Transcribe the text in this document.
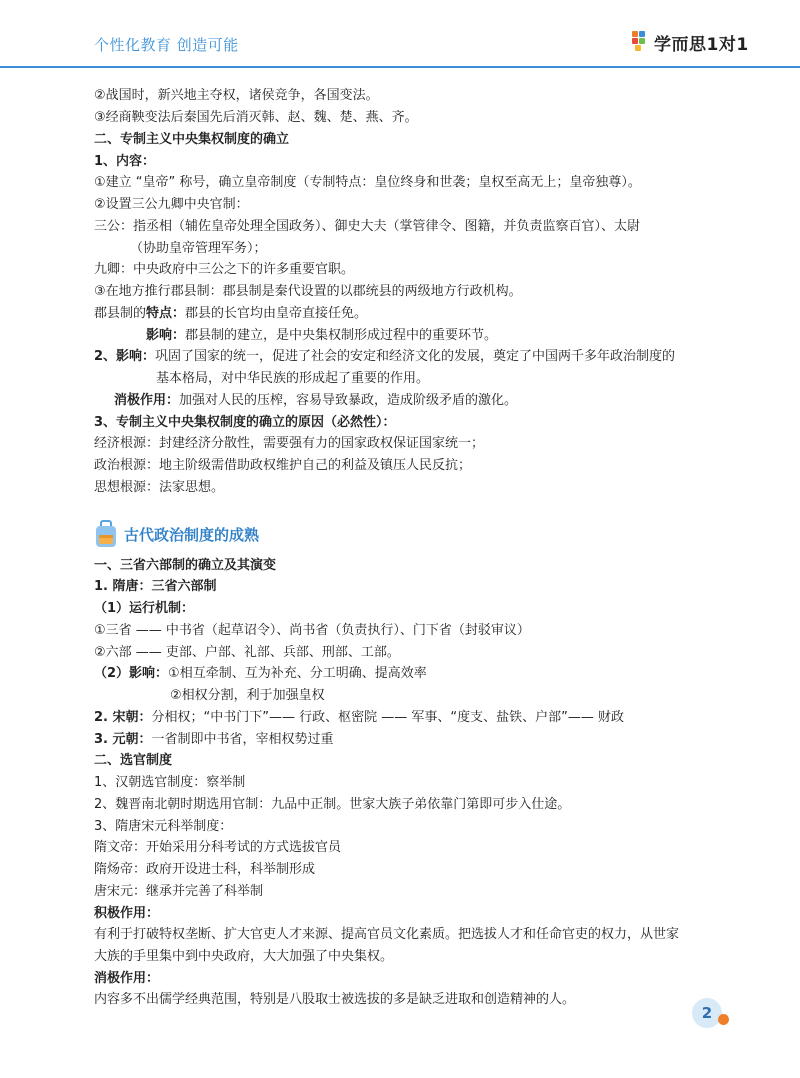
个性化教育 创造可能	学而思1对1
②战国时，新兴地主夺权，诸侯竞争，各国变法。
③经商鞅变法后秦国先后消灭韩、赵、魏、楚、燕、齐。
二、专制主义中央集权制度的确立
1、内容：
①建立 “皇帝” 称号，确立皇帝制度（专制特点：皇位终身和世袭；皇权至高无上；皇帝独尊）。
②设置三公九卿中央官制：
三公：指丞相（辅佐皇帝处理全国政务）、御史大夫（掌管律令、图籍，并负责监察百官）、太尉
（协助皇帝管理军务）；
九卿：中央政府中三公之下的许多重要官职。
③在地方推行郡县制：郡县制是秦代设置的以郡统县的两级地方行政机构。
郡县制的特点：郡县的长官均由皇帝直接任免。
影响：郡县制的建立，是中央集权制形成过程中的重要环节。
2、影响：巩固了国家的统一，促进了社会的安定和经济文化的发展，奠定了中国两千多年政治制度的
基本格局，对中华民族的形成起了重要的作用。
消极作用：加强对人民的压榨，容易导致暴政，造成阶级矛盾的激化。
3、专制主义中央集权制度的确立的原因（必然性）：
经济根源：封建经济分散性，需要强有力的国家政权保证国家统一；
政治根源：地主阶级需借助政权维护自己的利益及镇压人民反抗；
思想根源：法家思想。
古代政治制度的成熟
一、三省六部制的确立及其演变
1. 隋唐：三省六部制
（1）运行机制：
①三省 —— 中书省（起草诏令）、尚书省（负责执行）、门下省（封驳审议）
②六部 —— 吏部、户部、礼部、兵部、刑部、工部。
（2）影响：①相互牵制、互为补充、分工明确、提高效率
②相权分割，利于加强皇权
2. 宋朝：分相权；“中书门下”—— 行政、枢密院 —— 军事、“度支、盐铁、户部”—— 财政
3. 元朝：一省制即中书省，宰相权势过重
二、选官制度
1、汉朝选官制度：察举制
2、魏晋南北朝时期选用官制：九品中正制。世家大族子弟依靠门第即可步入仕途。
3、隋唐宋元科举制度：
隋文帝：开始采用分科考试的方式选拔官员
隋炀帝：政府开设进士科，科举制形成
唐宋元：继承并完善了科举制
积极作用：
有利于打破特权垄断、扩大官吏人才来源、提高官员文化素质。把选拔人才和任命官吏的权力，从世家
大族的手里集中到中央政府，大大加强了中央集权。
消极作用：
内容多不出儒学经典范围，特别是八股取士被选拔的多是缺乏进取和创造精神的人。
2
